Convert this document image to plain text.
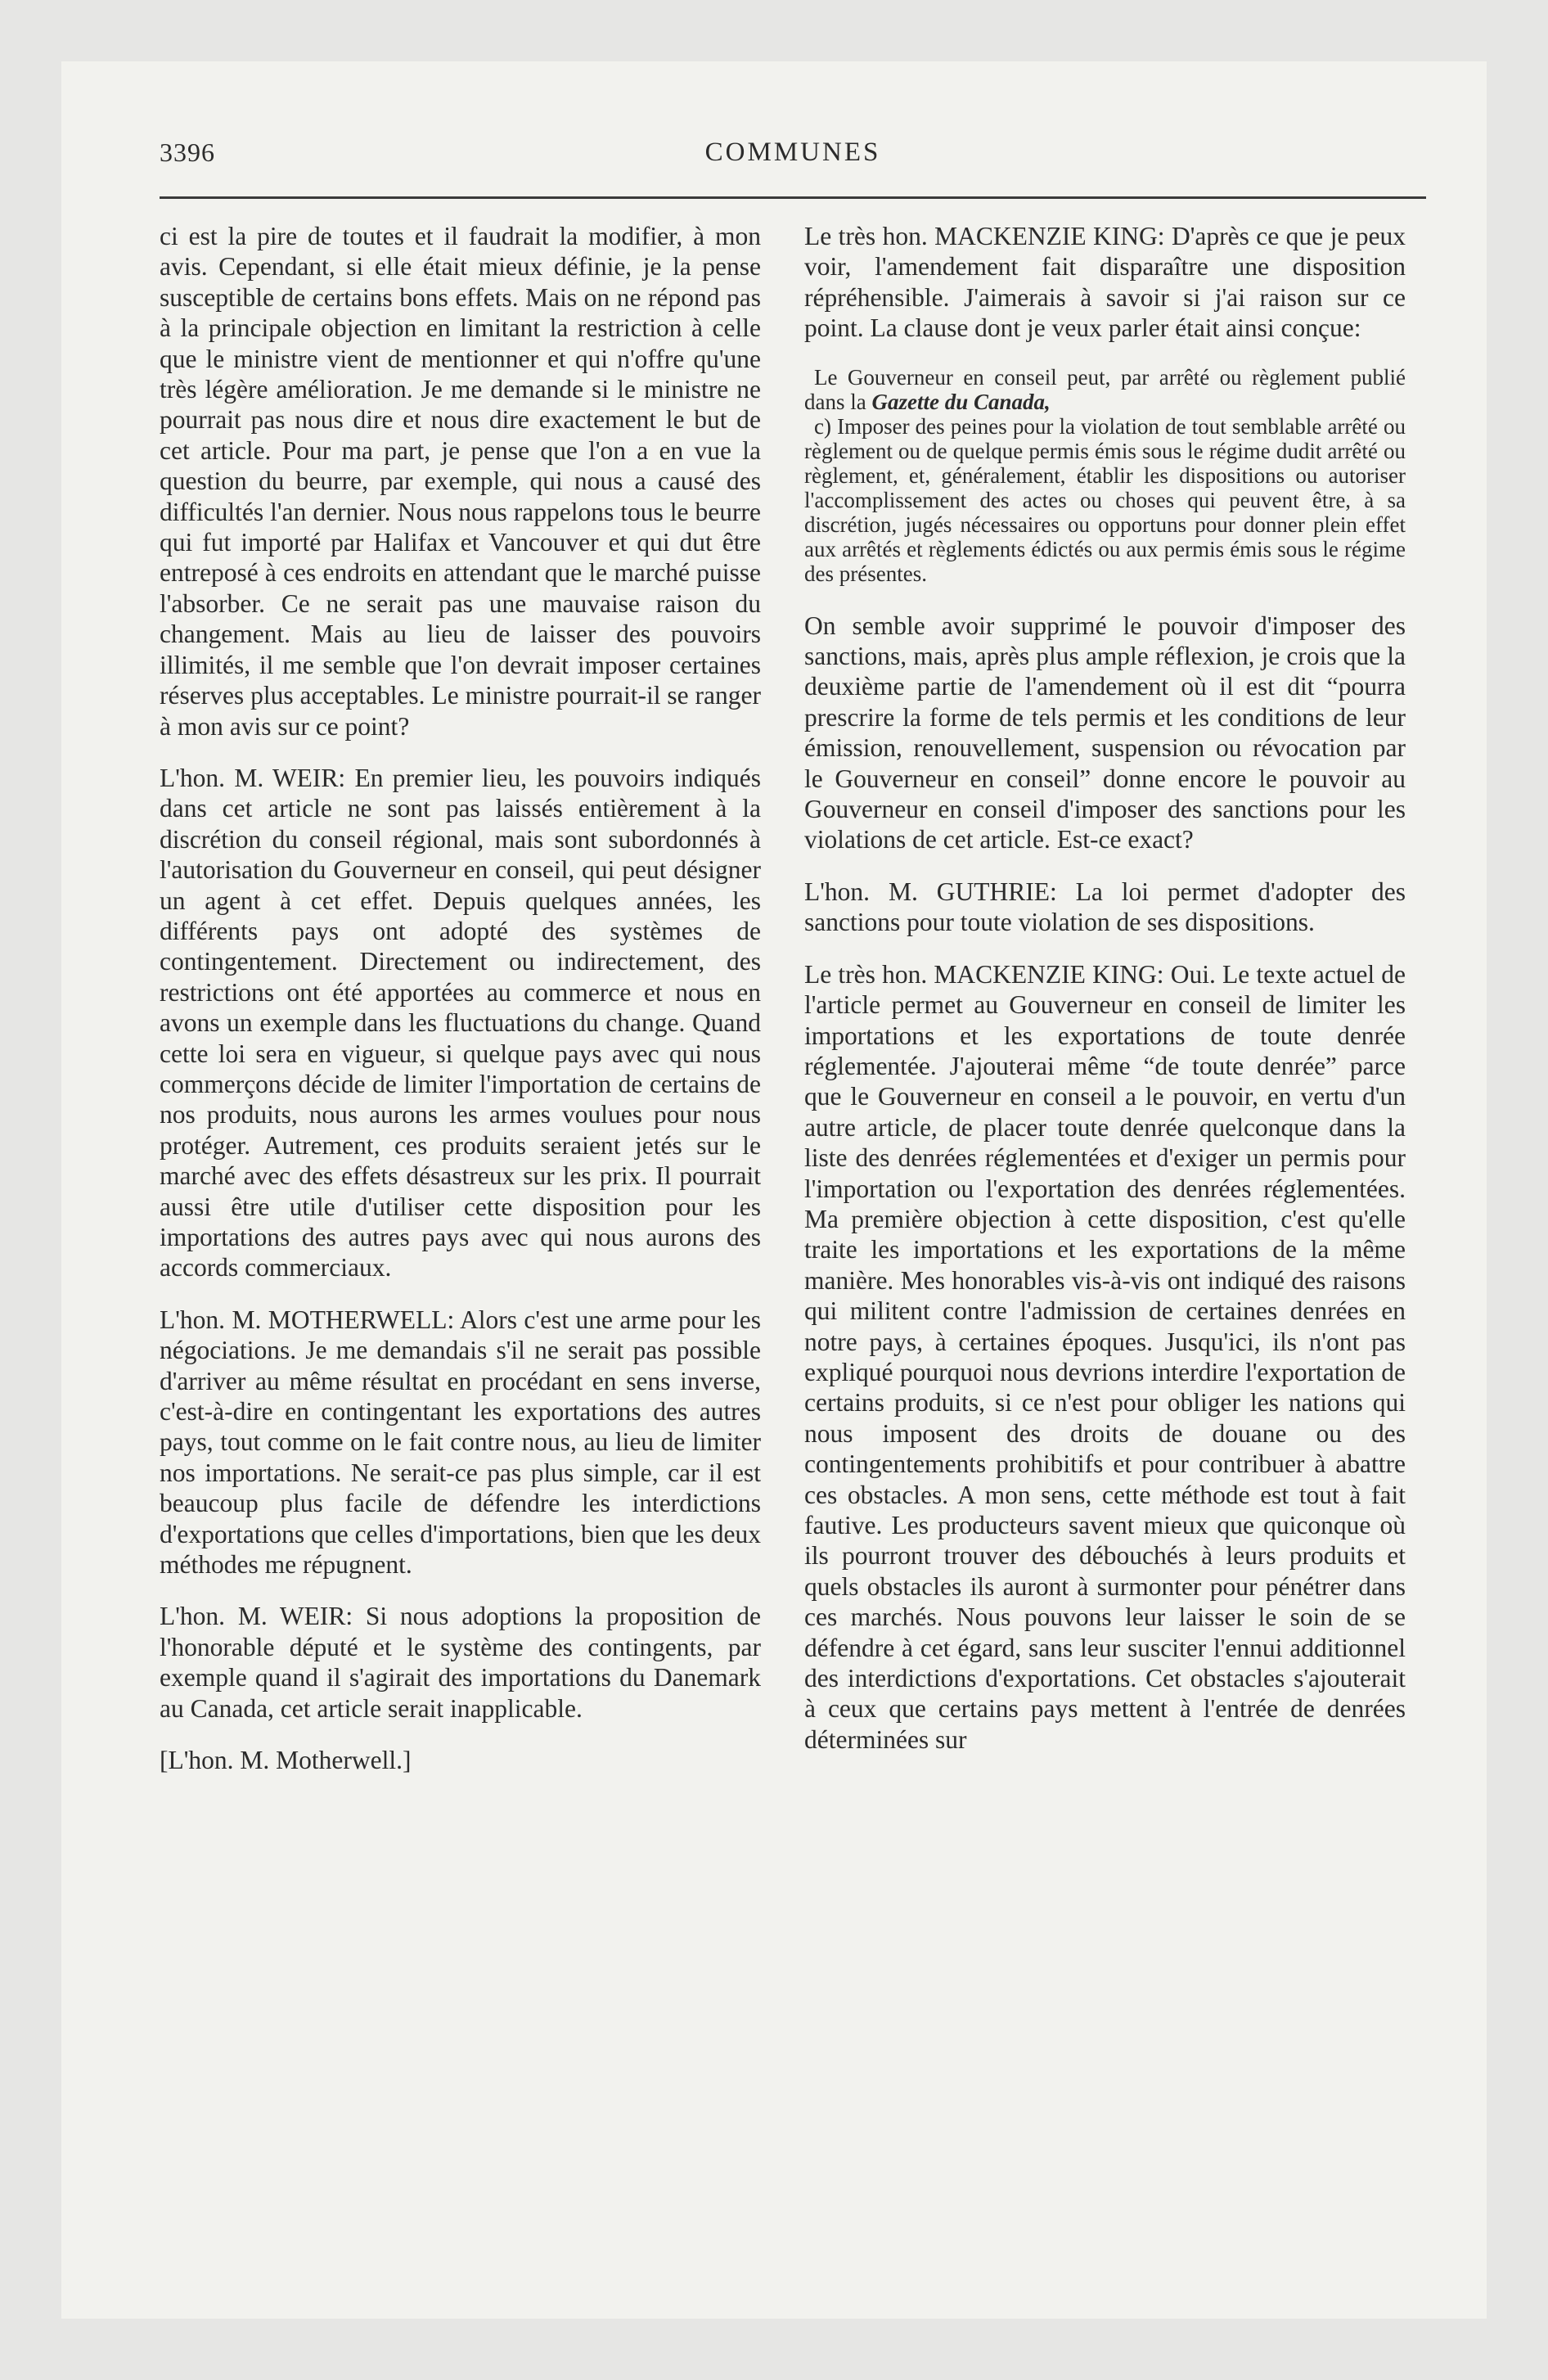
3396	COMMUNES

ci est la pire de toutes et il faudrait la modifier, à mon avis. Cependant, si elle était mieux définie, je la pense susceptible de certains bons effets. Mais on ne répond pas à la principale objection en limitant la restriction à celle que le ministre vient de mentionner et qui n'offre qu'une très légère amélioration. Je me demande si le ministre ne pourrait pas nous dire et nous dire exactement le but de cet article. Pour ma part, je pense que l'on a en vue la question du beurre, par exemple, qui nous a causé des difficultés l'an dernier. Nous nous rappelons tous le beurre qui fut importé par Halifax et Vancouver et qui dut être entreposé à ces endroits en attendant que le marché puisse l'absorber. Ce ne serait pas une mauvaise raison du changement. Mais au lieu de laisser des pouvoirs illimités, il me semble que l'on devrait imposer certaines réserves plus acceptables. Le ministre pourrait-il se ranger à mon avis sur ce point?

L'hon. M. WEIR: En premier lieu, les pouvoirs indiqués dans cet article ne sont pas laissés entièrement à la discrétion du conseil régional, mais sont subordonnés à l'autorisation du Gouverneur en conseil, qui peut désigner un agent à cet effet. Depuis quelques années, les différents pays ont adopté des systèmes de contingentement. Directement ou indirectement, des restrictions ont été apportées au commerce et nous en avons un exemple dans les fluctuations du change. Quand cette loi sera en vigueur, si quelque pays avec qui nous commerçons décide de limiter l'importation de certains de nos produits, nous aurons les armes voulues pour nous protéger. Autrement, ces produits seraient jetés sur le marché avec des effets désastreux sur les prix. Il pourrait aussi être utile d'utiliser cette disposition pour les importations des autres pays avec qui nous aurons des accords commerciaux.

L'hon. M. MOTHERWELL: Alors c'est une arme pour les négociations. Je me demandais s'il ne serait pas possible d'arriver au même résultat en procédant en sens inverse, c'est-à-dire en contingentant les exportations des autres pays, tout comme on le fait contre nous, au lieu de limiter nos importations. Ne serait-ce pas plus simple, car il est beaucoup plus facile de défendre les interdictions d'exportations que celles d'importations, bien que les deux méthodes me répugnent.

L'hon. M. WEIR: Si nous adoptions la proposition de l'honorable député et le système des contingents, par exemple quand il s'agirait des importations du Danemark au Canada, cet article serait inapplicable.

[L'hon. M. Motherwell.]

Le très hon. MACKENZIE KING: D'après ce que je peux voir, l'amendement fait disparaître une disposition répréhensible. J'aimerais à savoir si j'ai raison sur ce point. La clause dont je veux parler était ainsi conçue:

Le Gouverneur en conseil peut, par arrêté ou règlement publié dans la Gazette du Canada,

c) Imposer des peines pour la violation de tout semblable arrêté ou règlement ou de quelque permis émis sous le régime dudit arrêté ou règlement, et, généralement, établir les dispositions ou autoriser l'accomplissement des actes ou choses qui peuvent être, à sa discrétion, jugés nécessaires ou opportuns pour donner plein effet aux arrêtés et règlements édictés ou aux permis émis sous le régime des présentes.

On semble avoir supprimé le pouvoir d'imposer des sanctions, mais, après plus ample réflexion, je crois que la deuxième partie de l'amendement où il est dit “pourra prescrire la forme de tels permis et les conditions de leur émission, renouvellement, suspension ou révocation par le Gouverneur en conseil” donne encore le pouvoir au Gouverneur en conseil d'imposer des sanctions pour les violations de cet article. Est-ce exact?

L'hon. M. GUTHRIE: La loi permet d'adopter des sanctions pour toute violation de ses dispositions.

Le très hon. MACKENZIE KING: Oui. Le texte actuel de l'article permet au Gouverneur en conseil de limiter les importations et les exportations de toute denrée réglementée. J'ajouterai même “de toute denrée” parce que le Gouverneur en conseil a le pouvoir, en vertu d'un autre article, de placer toute denrée quelconque dans la liste des denrées réglementées et d'exiger un permis pour l'importation ou l'exportation des denrées réglementées. Ma première objection à cette disposition, c'est qu'elle traite les importations et les exportations de la même manière. Mes honorables vis-à-vis ont indiqué des raisons qui militent contre l'admission de certaines denrées en notre pays, à certaines époques. Jusqu'ici, ils n'ont pas expliqué pourquoi nous devrions interdire l'exportation de certains produits, si ce n'est pour obliger les nations qui nous imposent des droits de douane ou des contingentements prohibitifs et pour contribuer à abattre ces obstacles. A mon sens, cette méthode est tout à fait fautive. Les producteurs savent mieux que quiconque où ils pourront trouver des débouchés à leurs produits et quels obstacles ils auront à surmonter pour pénétrer dans ces marchés. Nous pouvons leur laisser le soin de se défendre à cet égard, sans leur susciter l'ennui additionnel des interdictions d'exportations. Cet obstacles s'ajouterait à ceux que certains pays mettent à l'entrée de denrées déterminées sur
